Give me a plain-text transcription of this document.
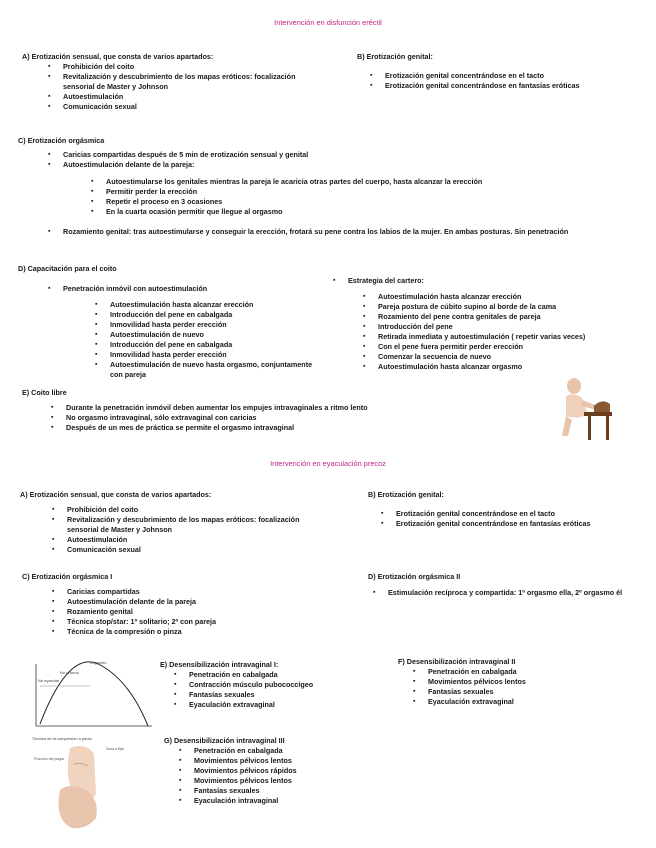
Intervención en disfunción eréctil
A) Erotización sensual, que consta de varios apartados:
▪ Prohibición del coito
▪ Revitalización y descubrimiento de los mapas eróticos: focalización sensorial de Master y Johnson
▪ Autoestimulación
▪ Comunicación sexual
B) Erotización genital:
▪ Erotización genital concentrándose en el tacto
▪ Erotización genital concentrándose en fantasías eróticas
C) Erotización orgásmica
▪ Caricias compartidas después de 5 min de erotización sensual y genital
▪ Autoestimulación delante de la pareja:
▪ Autoestimularse los genitales mientras la pareja le acaricia otras partes del cuerpo, hasta alcanzar la erección
▪ Permitir perder la erección
▪ Repetir el proceso en 3 ocasiones
▪ En la cuarta ocasión permitir que llegue al orgasmo
▪ Rozamiento genital: tras autoestimularse y conseguir la erección, frotará su pene contra los labios de la mujer. En ambas posturas. Sin penetración
D) Capacitación para el coito
▪ Penetración inmóvil con autoestimulación
▪ Autoestimulación hasta alcanzar erección
▪ Introducción del pene en cabalgada
▪ Inmovilidad hasta perder erección
▪ Autoestimulación de nuevo
▪ Introducción del pene en cabalgada
▪ Inmovilidad hasta perder erección
▪ Autoestimulación de nuevo hasta orgasmo, conjuntamente con pareja
▪ Estrategia del cartero:
▪ Autoestimulación hasta alcanzar erección
▪ Pareja postura de cúbito supino al borde de la cama
▪ Rozamiento del pene contra genitales de pareja
▪ Introducción del pene
▪ Retirada inmediata y autoestimulación ( repetir varias veces)
▪ Con el pene fuera permitir perder erección
▪ Comenzar la secuencia de nuevo
▪ Autoestimulación hasta alcanzar orgasmo
E) Coito libre
▪ Durante la penetración inmóvil deben aumentar los empujes intravaginales a ritmo lento
▪ No orgasmo intravaginal, sólo extravaginal con caricias
▪ Después de un mes de práctica se permite el orgasmo intravaginal
Intervención en eyaculación precoz
A) Erotización sensual, que consta de varios apartados:
▪ Prohibición del coito
▪ Revitalización y descubrimiento de los mapas eróticos: focalización sensorial de Master y Johnson
▪ Autoestimulación
▪ Comunicación sexual
B) Erotización genital:
▪ Erotización genital concentrándose en el tacto
▪ Erotización genital concentrándose en fantasías eróticas
C) Erotización orgásmica I
▪ Caricias compartidas
▪ Autoestimulación delante de la pareja
▪ Rozamiento genital
▪ Técnica stop/star: 1º solitario; 2º con pareja
▪ Técnica de la compresión o pinza
D) Erotización orgásmica II
▪ Estimulación recíproca y compartida: 1º orgasmo ella, 2º orgasmo él
Orgasmo
No retorno
No eyacular
E) Desensibilización intravaginal I:
▪ Penetración en cabalgada
▪ Contracción músculo pubococcígeo
▪ Fantasías sexuales
▪ Eyaculación extravaginal
F) Desensibilización intravaginal II
▪ Penetración en cabalgada
▪ Movimientos pélvicos lentos
▪ Fantasías sexuales
▪ Eyaculación extravaginal
Técnica de la compresión o pinza
Posición del pulgar
Zona a fijar
G) Desensibilización intravaginal III
▪ Penetración en cabalgada
▪ Movimientos pélvicos lentos
▪ Movimientos pélvicos rápidos
▪ Movimientos pélvicos lentos
▪ Fantasías sexuales
▪ Eyaculación intravaginal
